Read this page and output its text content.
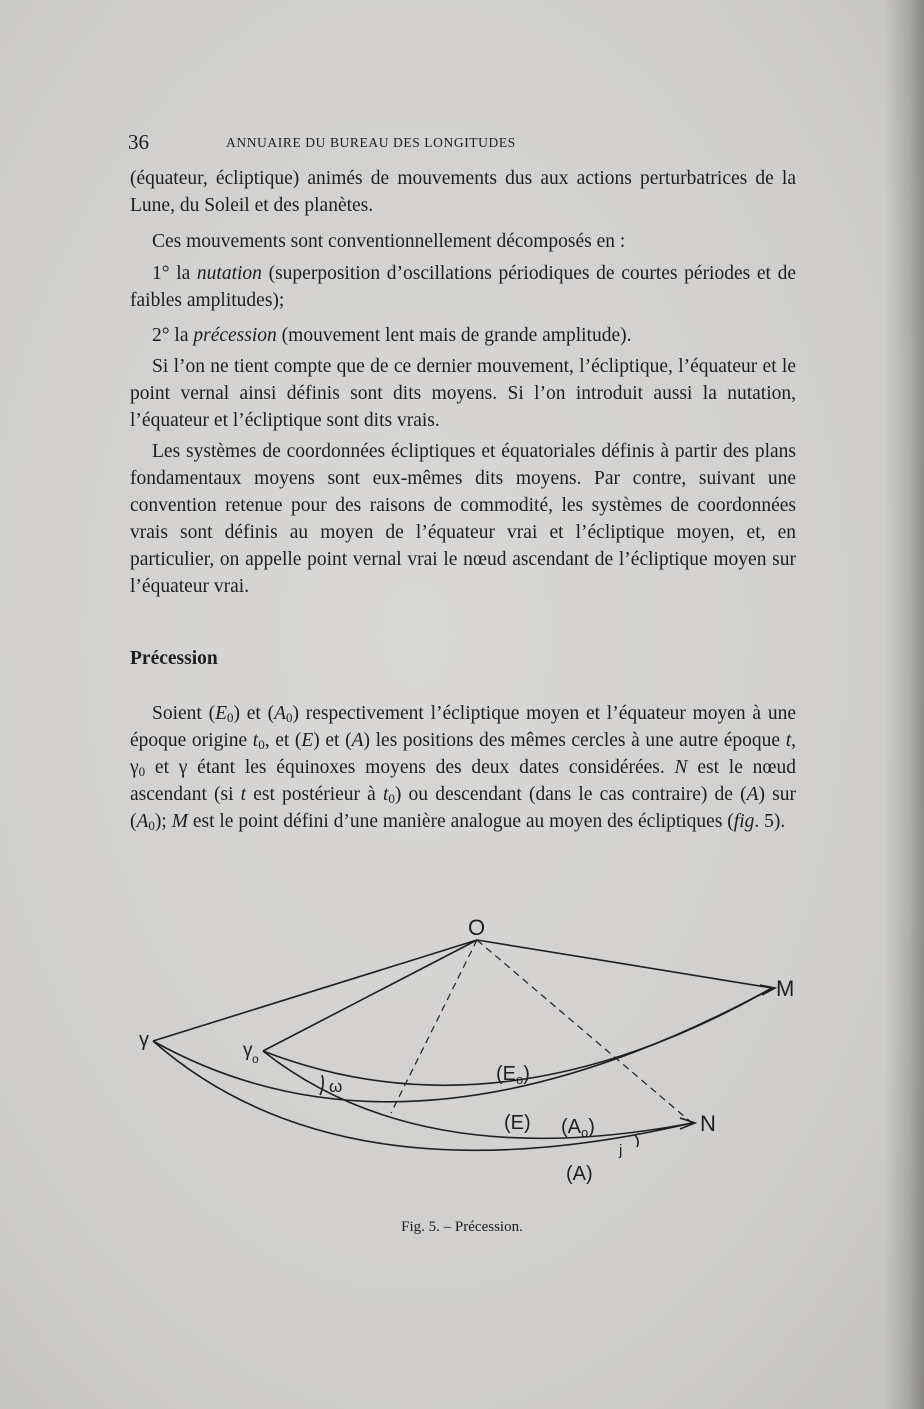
36	ANNUAIRE DU BUREAU DES LONGITUDES
(équateur, écliptique) animés de mouvements dus aux actions perturbatrices de la Lune, du Soleil et des planètes.
Ces mouvements sont conventionnellement décomposés en :
1° la nutation (superposition d’oscillations périodiques de courtes périodes et de faibles amplitudes);
2° la précession (mouvement lent mais de grande amplitude).
Si l’on ne tient compte que de ce dernier mouvement, l’écliptique, l’équateur et le point vernal ainsi définis sont dits moyens. Si l’on introduit aussi la nutation, l’équateur et l’écliptique sont dits vrais.
Les systèmes de coordonnées écliptiques et équatoriales définis à partir des plans fondamentaux moyens sont eux-mêmes dits moyens. Par contre, suivant une convention retenue pour des raisons de commodité, les systèmes de coordonnées vrais sont définis au moyen de l’équateur vrai et l’écliptique moyen, et, en particulier, on appelle point vernal vrai le nœud ascendant de l’écliptique moyen sur l’équateur vrai.
Précession
Soient $(E_0)$ et $(A_0)$ respectivement l’écliptique moyen et l’équateur moyen à une époque origine $t_0$, et (E) et (A) les positions des mêmes cercles à une autre époque t, $\gamma_0$ et γ étant les équinoxes moyens des deux dates considérées. N est le nœud ascendant (si t est postérieur à $t_0$) ou descendant (dans le cas contraire) de (A) sur $(A_0)$; M est le point défini d’une manière analogue au moyen des écliptiques (fig. 5).
O
M
N
γ	γ o
ω
$(E_o)$
(E) $(A_o)$
j
(A)
Fig. 5. – Précession.
